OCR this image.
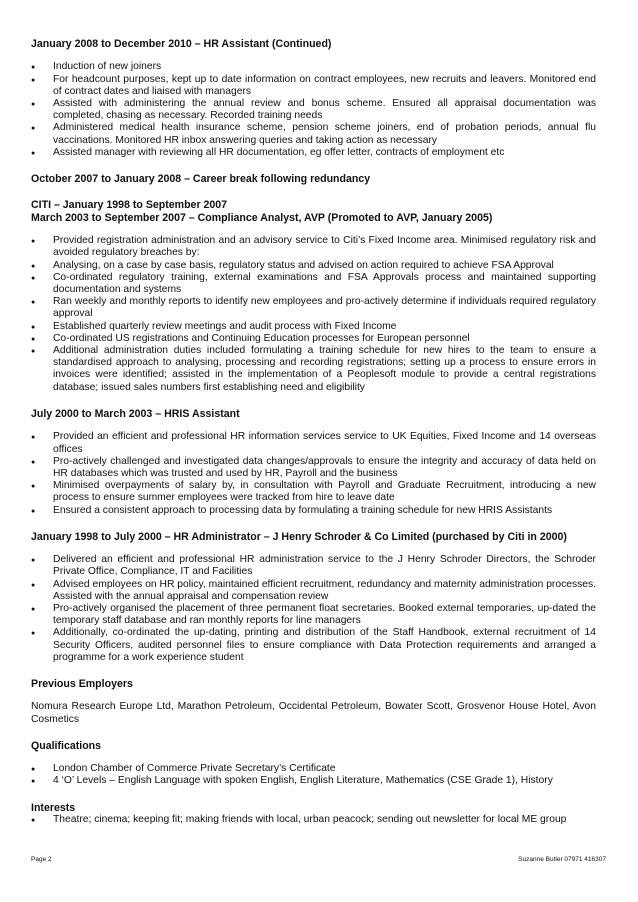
January 2008 to December 2010 – HR Assistant (Continued)
● Induction of new joiners
● For headcount purposes, kept up to date information on contract employees, new recruits and leavers. Monitored end of contract dates and liaised with managers
● Assisted with administering the annual review and bonus scheme. Ensured all appraisal documentation was completed, chasing as necessary. Recorded training needs
● Administered medical health insurance scheme, pension scheme joiners, end of probation periods, annual flu vaccinations. Monitored HR inbox answering queries and taking action as necessary
● Assisted manager with reviewing all HR documentation, eg offer letter, contracts of employment etc
October 2007 to January 2008 – Career break following redundancy
CITI – January 1998 to September 2007
March 2003 to September 2007 – Compliance Analyst, AVP (Promoted to AVP, January 2005)
● Provided registration administration and an advisory service to Citi’s Fixed Income area. Minimised regulatory risk and avoided regulatory breaches by:
● Analysing, on a case by case basis, regulatory status and advised on action required to achieve FSA Approval
● Co-ordinated regulatory training, external examinations and FSA Approvals process and maintained supporting documentation and systems
● Ran weekly and monthly reports to identify new employees and pro-actively determine if individuals required regulatory approval
● Established quarterly review meetings and audit process with Fixed Income
● Co-ordinated US registrations and Continuing Education processes for European personnel
● Additional administration duties included formulating a training schedule for new hires to the team to ensure a standardised approach to analysing, processing and recording registrations; setting up a process to ensure errors in invoices were identified; assisted in the implementation of a Peoplesoft module to provide a central registrations database; issued sales numbers first establishing need and eligibility
July 2000 to March 2003 – HRIS Assistant
● Provided an efficient and professional HR information services service to UK Equities, Fixed Income and 14 overseas offices
● Pro-actively challenged and investigated data changes/approvals to ensure the integrity and accuracy of data held on HR databases which was trusted and used by HR, Payroll and the business
● Minimised overpayments of salary by, in consultation with Payroll and Graduate Recruitment, introducing a new process to ensure summer employees were tracked from hire to leave date
● Ensured a consistent approach to processing data by formulating a training schedule for new HRIS Assistants
January 1998 to July 2000 – HR Administrator – J Henry Schroder & Co Limited (purchased by Citi in 2000)
● Delivered an efficient and professional HR administration service to the J Henry Schroder Directors, the Schroder Private Office, Compliance, IT and Facilities
● Advised employees on HR policy, maintained efficient recruitment, redundancy and maternity administration processes. Assisted with the annual appraisal and compensation review
● Pro-actively organised the placement of three permanent float secretaries. Booked external temporaries, up-dated the temporary staff database and ran monthly reports for line managers
● Additionally, co-ordinated the up-dating, printing and distribution of the Staff Handbook, external recruitment of 14 Security Officers, audited personnel files to ensure compliance with Data Protection requirements and arranged a programme for a work experience student
Previous Employers

Nomura Research Europe Ltd, Marathon Petroleum, Occidental Petroleum, Bowater Scott, Grosvenor House Hotel, Avon Cosmetics

Qualifications
● London Chamber of Commerce Private Secretary’s Certificate
● 4 ‘O’ Levels – English Language with spoken English, English Literature, Mathematics (CSE Grade 1), History
Interests
● Theatre; cinema; keeping fit; making friends with local, urban peacock; sending out newsletter for local ME group
Page 2	Suzanne Butler 07971 416307
